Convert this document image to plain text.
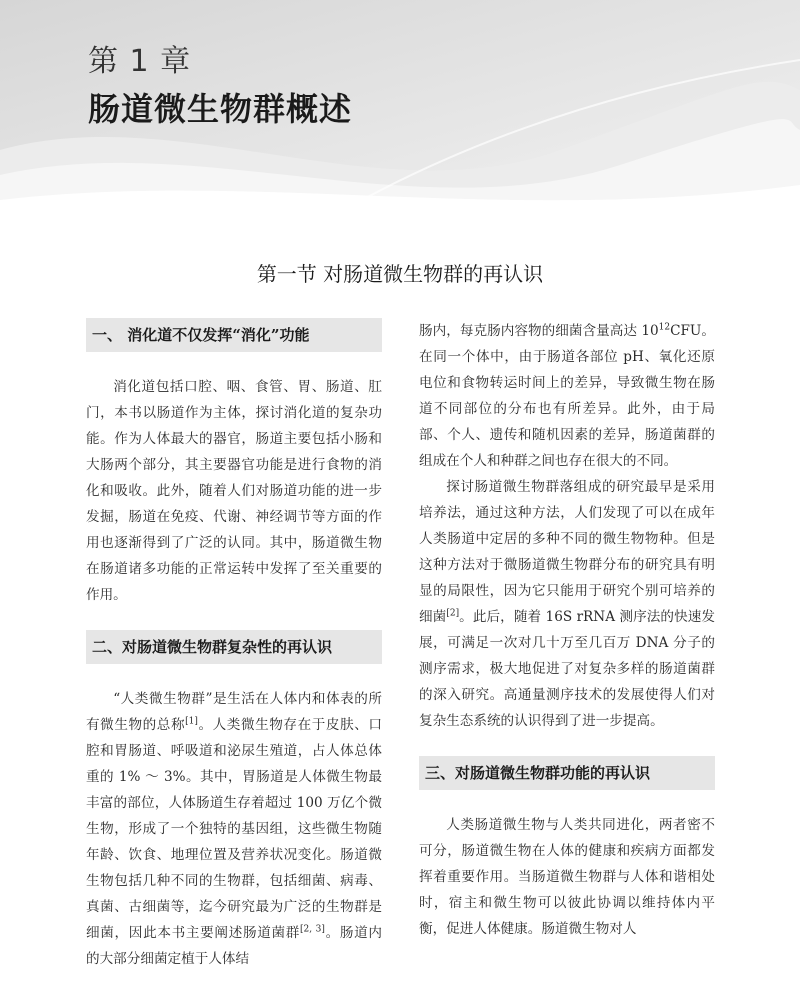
第 1 章
肠道微生物群概述
第一节 对肠道微生物群的再认识
一、 消化道不仅发挥“消化”功能

消化道包括口腔、咽、食管、胃、肠道、肛门，本书以肠道作为主体，探讨消化道的复杂功能。作为人体最大的器官，肠道主要包括小肠和大肠两个部分，其主要器官功能是进行食物的消化和吸收。此外，随着人们对肠道功能的进一步发掘，肠道在免疫、代谢、神经调节等方面的作用也逐渐得到了广泛的认同。其中，肠道微生物在肠道诸多功能的正常运转中发挥了至关重要的作用。

二、对肠道微生物群复杂性的再认识

“人类微生物群”是生活在人体内和体表的所有微生物的总称[1]。人类微生物存在于皮肤、口腔和胃肠道、呼吸道和泌尿生殖道，占人体总体重的 1% ～ 3%。其中，胃肠道是人体微生物最丰富的部位，人体肠道生存着超过 100 万亿个微生物，形成了一个独特的基因组，这些微生物随年龄、饮食、地理位置及营养状况变化。肠道微生物包括几种不同的生物群，包括细菌、病毒、真菌、古细菌等，迄今研究最为广泛的生物群是细菌，因此本书主要阐述肠道菌群[2, 3]。肠道内的大部分细菌定植于人体结

肠内，每克肠内容物的细菌含量高达 $10^{12}CFU$。在同一个体中，由于肠道各部位 pH、氧化还原电位和食物转运时间上的差异，导致微生物在肠道不同部位的分布也有所差异。此外，由于局部、个人、遗传和随机因素的差异，肠道菌群的组成在个人和种群之间也存在很大的不同。

探讨肠道微生物群落组成的研究最早是采用培养法，通过这种方法，人们发现了可以在成年人类肠道中定居的多种不同的微生物物种。但是这种方法对于微肠道微生物群分布的研究具有明显的局限性，因为它只能用于研究个别可培养的细菌[2]。此后，随着 16S rRNA 测序法的快速发展，可满足一次对几十万至几百万 DNA 分子的测序需求，极大地促进了对复杂多样的肠道菌群的深入研究。高通量测序技术的发展使得人们对复杂生态系统的认识得到了进一步提高。

三、对肠道微生物群功能的再认识

人类肠道微生物与人类共同进化，两者密不可分，肠道微生物在人体的健康和疾病方面都发挥着重要作用。当肠道微生物群与人体和谐相处时，宿主和微生物可以彼此协调以维持体内平衡，促进人体健康。肠道微生物对人
